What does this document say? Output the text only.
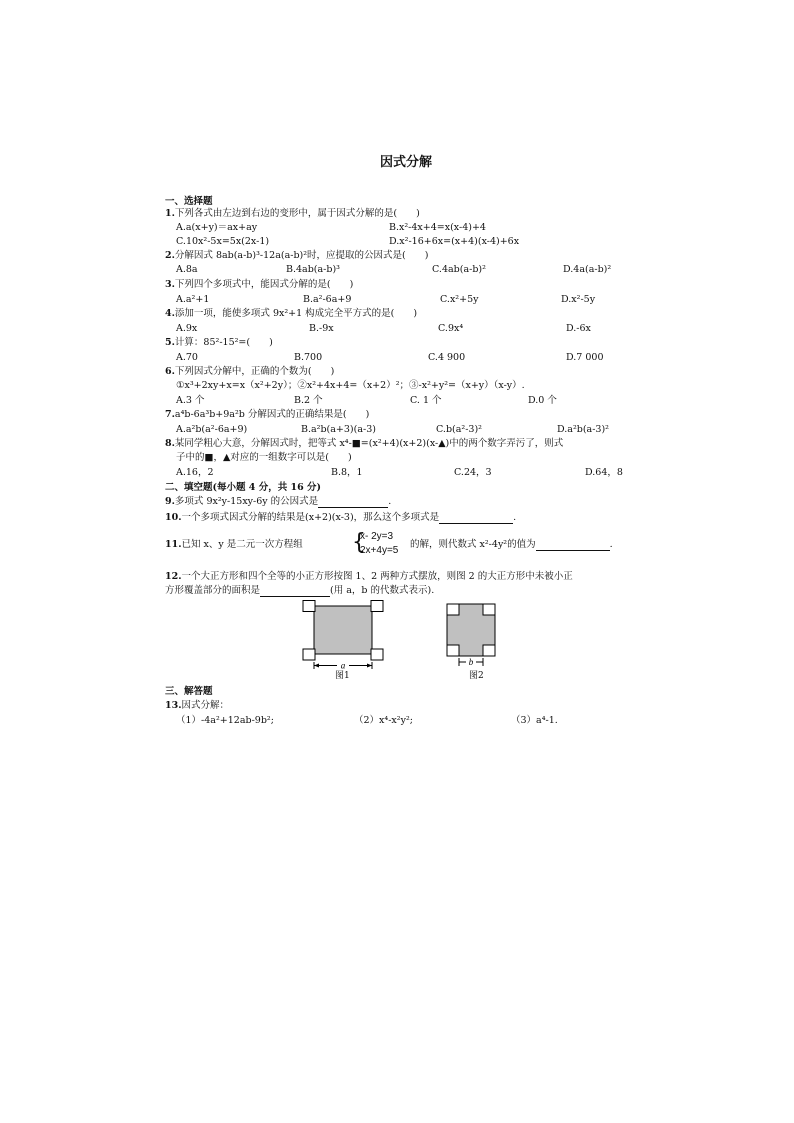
因式分解
一、选择题
1.下列各式由左边到右边的变形中，属于因式分解的是(　　)
A.a(x+y)＝ax+ay	B.x²-4x+4=x(x-4)+4
C.10x²-5x=5x(2x-1)	D.x²-16+6x=(x+4)(x-4)+6x
2.分解因式 8ab(a-b)³-12a(a-b)²时，应提取的公因式是(　　)
A.8a	B.4ab(a-b)³	C.4ab(a-b)²	D.4a(a-b)²
3.下列四个多项式中，能因式分解的是(　　)
A.a²+1	B.a²-6a+9	C.x²+5y	D.x²-5y
4.添加一项，能使多项式 9x²+1 构成完全平方式的是(　　)
A.9x	B.-9x	C.9x⁴	D.-6x
5.计算：85²-15²=(　　)
A.70	B.700	C.4 900	D.7 000
6.下列因式分解中，正确的个数为(　　)
①x³+2xy+x=x（x²+2y）；②x²+4x+4=（x+2）²；③-x²+y²=（x+y）（x-y）.
A.3 个	B.2 个	C. 1 个	D.0 个
7.a⁴b-6a³b+9a²b 分解因式的正确结果是(　　)
A.a²b(a²-6a+9)	B.a²b(a+3)(a-3)	C.b(a²-3)²	D.a²b(a-3)²
8.某同学粗心大意，分解因式时，把等式 x⁴-■=(x²+4)(x+2)(x-▲)中的两个数字弄污了，则式
子中的■，▲对应的一组数字可以是(　　)
A.16，2	B.8，1	C.24，3	D.64，8
二、填空题(每小题 4 分，共 16 分)
9.多项式 9x²y-15xy-6y 的公因式是	.
10.一个多项式因式分解的结果是(x+2)(x-3)，那么这个多项式是	.
11.已知 x、y 是二元一次方程组 {
x- 2y=3
2x+4y=5
的解，则代数式 x²-4y²的值为	.
12.一个大正方形和四个全等的小正方形按图 1、2 两种方式摆放，则图 2 的大正方形中未被小正
方形覆盖部分的面积是	(用 a，b 的代数式表示).
a
图1
b
图2
三、解答题
13.因式分解：
（1）-4a²+12ab-9b²;	（2）x⁴-x²y²;	（3）a⁴-1.
